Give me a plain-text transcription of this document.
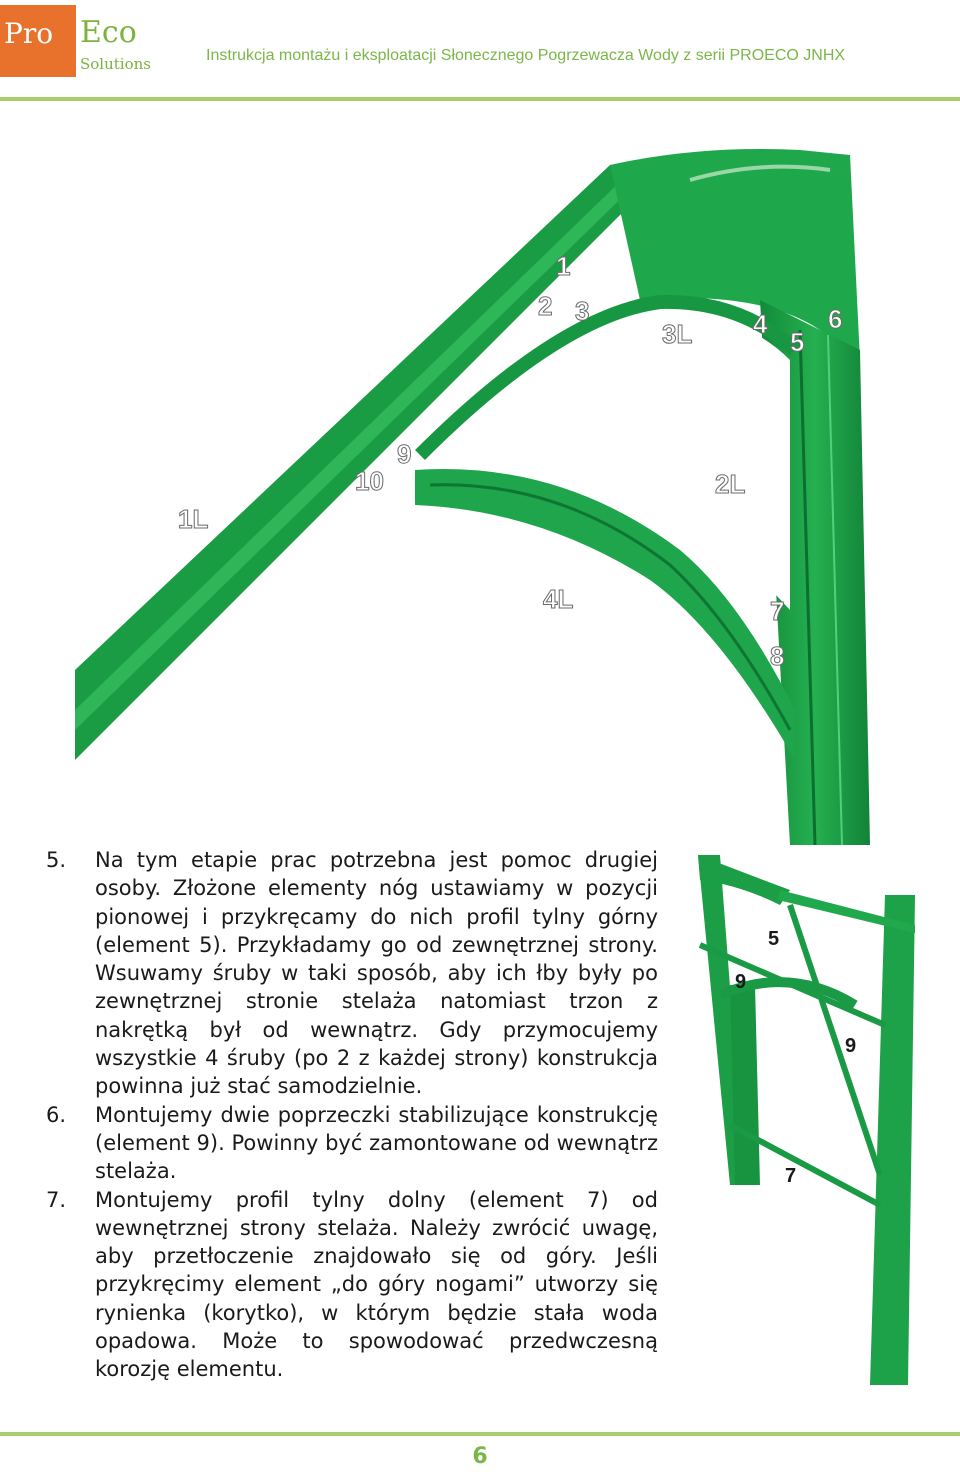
Pro Eco
Solutions	Instrukcja montażu i eksploatacji Słonecznego Pogrzewacza Wody z serii PROECO JNHX
1
2 3
3L 4
5
6
9
10	2L
1L
4L	7
8
5
9
9
7
5.	Na tym etapie prac potrzebna jest pomoc drugiej osoby. Złożone elementy nóg ustawiamy w pozycji pionowej i przykręcamy do nich profil tylny górny (element 5). Przykładamy go od zewnętrznej strony. Wsuwamy śruby w taki sposób, aby ich łby były po zewnętrznej stronie stelaża natomiast trzon z nakrętką był od wewnątrz. Gdy przymocujemy wszystkie 4 śruby (po 2 z każdej strony) konstrukcja powinna już stać samodzielnie.
6.	Montujemy dwie poprzeczki stabilizujące konstrukcję (element 9). Powinny być zamontowane od wewnątrz stelaża.
7.	Montujemy profil tylny dolny (element 7) od wewnętrznej strony stelaża. Należy zwrócić uwagę, aby przetłoczenie znajdowało się od góry. Jeśli przykręcimy element „do góry nogami” utworzy się rynienka (korytko), w którym będzie stała woda opadowa. Może to spowodować przedwczesną korozję elementu.
6
